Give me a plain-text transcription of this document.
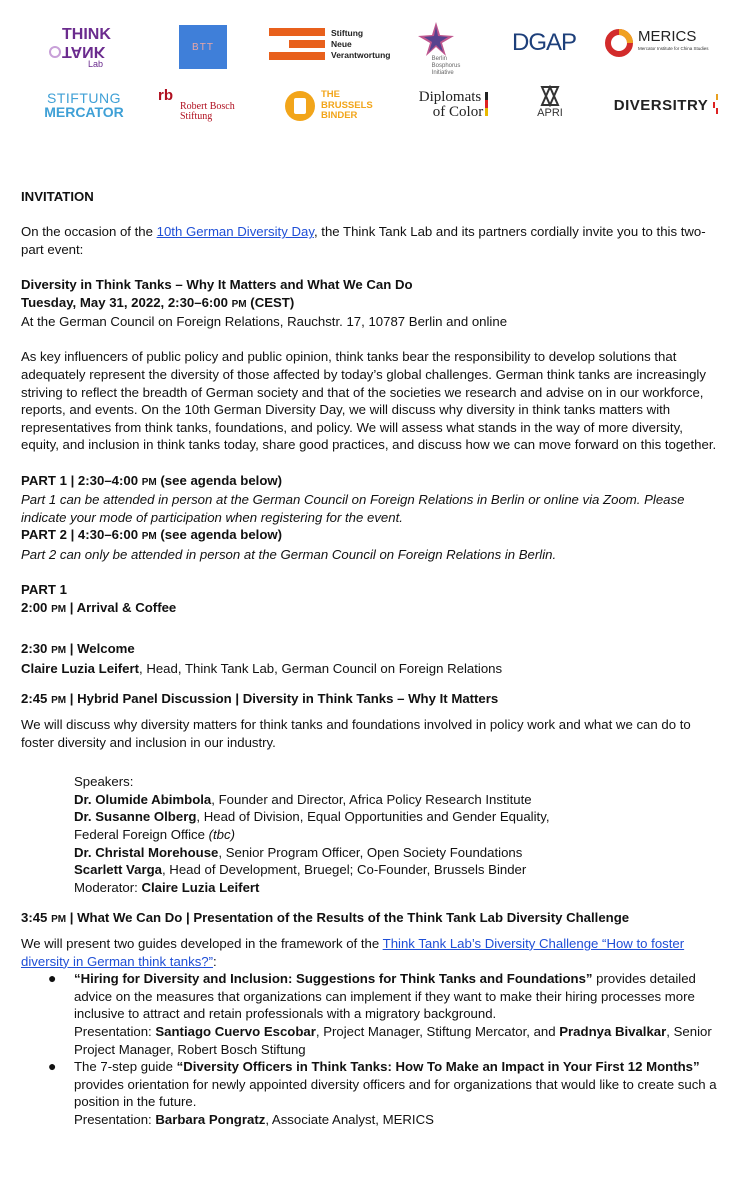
THINK
TANK
Lab
BTT
Stiftung
Neue
Verantwortung	Berlin
Bosphorus
Initiative
DGAP	MERICS
Mercator Institute for China Studies
STIFTUNG
MERCATOR
rb
Robert Bosch
Stiftung
THE
BRUSSELS
BINDER
Diplomats
of Color	APRI	DIVERSITRY

INVITATION

On the occasion of the 10th German Diversity Day, the Think Tank Lab and its partners cordially invite you to this two-part event:

Diversity in Think Tanks – Why It Matters and What We Can Do

Tuesday, May 31, 2022, 2:30–6:00 PM (CEST)

At the German Council on Foreign Relations, Rauchstr. 17, 10787 Berlin and online

As key influencers of public policy and public opinion, think tanks bear the responsibility to develop solutions that adequately represent the diversity of those affected by today’s global challenges. German think tanks are increasingly striving to reflect the breadth of German society and that of the societies we research and advise on in our workforce, reports, and events. On the 10th German Diversity Day, we will discuss why diversity in think tanks matters with representatives from think tanks, foundations, and policy. We will assess what stands in the way of more diversity, equity, and inclusion in think tanks today, share good practices, and discuss how we can move forward on this together.

PART 1 | 2:30–4:00 PM (see agenda below)

Part 1 can be attended in person at the German Council on Foreign Relations in Berlin or online via Zoom. Please indicate your mode of participation when registering for the event.

PART 2 | 4:30–6:00 PM (see agenda below)

Part 2 can only be attended in person at the German Council on Foreign Relations in Berlin.

PART 1

2:00 PM | Arrival & Coffee

2:30 PM | Welcome

Claire Luzia Leifert, Head, Think Tank Lab, German Council on Foreign Relations

2:45 PM | Hybrid Panel Discussion | Diversity in Think Tanks – Why It Matters

We will discuss why diversity matters for think tanks and foundations involved in policy work and what we can do to foster diversity and inclusion in our industry.

Speakers:

Dr. Olumide Abimbola, Founder and Director, Africa Policy Research Institute

Dr. Susanne Olberg, Head of Division, Equal Opportunities and Gender Equality,

Federal Foreign Office (tbc)

Dr. Christal Morehouse, Senior Program Officer, Open Society Foundations

Scarlett Varga, Head of Development, Bruegel; Co-Founder, Brussels Binder

Moderator: Claire Luzia Leifert

3:45 PM | What We Can Do | Presentation of the Results of the Think Tank Lab Diversity Challenge

We will present two guides developed in the framework of the Think Tank Lab’s Diversity Challenge “How to foster diversity in German think tanks?”:

● “Hiring for Diversity and Inclusion: Suggestions for Think Tanks and Foundations” provides detailed advice on the measures that organizations can implement if they want to make their hiring processes more inclusive to attract and retain professionals with a migratory background.
Presentation: Santiago Cuervo Escobar, Project Manager, Stiftung Mercator, and Pradnya Bivalkar, Senior Project Manager, Robert Bosch Stiftung
● The 7-step guide “Diversity Officers in Think Tanks: How To Make an Impact in Your First 12 Months” provides orientation for newly appointed diversity officers and for organizations that would like to create such a position in the future.
Presentation: Barbara Pongratz, Associate Analyst, MERICS
